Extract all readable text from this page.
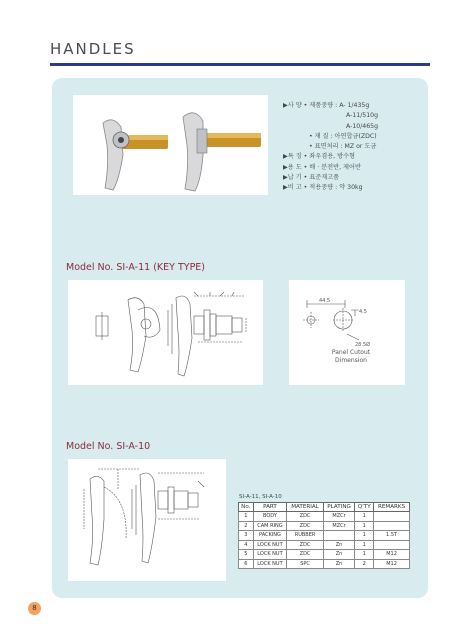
HANDLES
▶사 양 • 제품중량 : A- 1/435g
A-11/510g
A-10/465g
• 재 질 : 아연합금(ZDC)
• 표면처리 : MZ or 도금
▶특 징 • 좌우겸용, 방수형
▶용 도 • 배 · 분전반, 제어반
▶납 기 • 표준재고품
▶비 고 • 적용중량 : 약 30kg
Model No. SI-A-11 (KEY TYPE)
44.5
4.5
28.5Ø
Panel Cutout
Dimension
Model No. SI-A-10
SI-A-11, SI-A-10
No.	PART	MATERIAL	PLATING	Q'TY	REMARKS
1	BODY	ZDC	MZCr	1	
2	CAM RING	ZDC	MZCr	1	
3	PACKING	RUBBER		1	1.5T
4	LOCK NUT	ZDC	Zn	1	
5	LOCK NUT	ZDC	Zn	1	M12
6	LOCK NUT	SPC	Zn	2	M12
8
